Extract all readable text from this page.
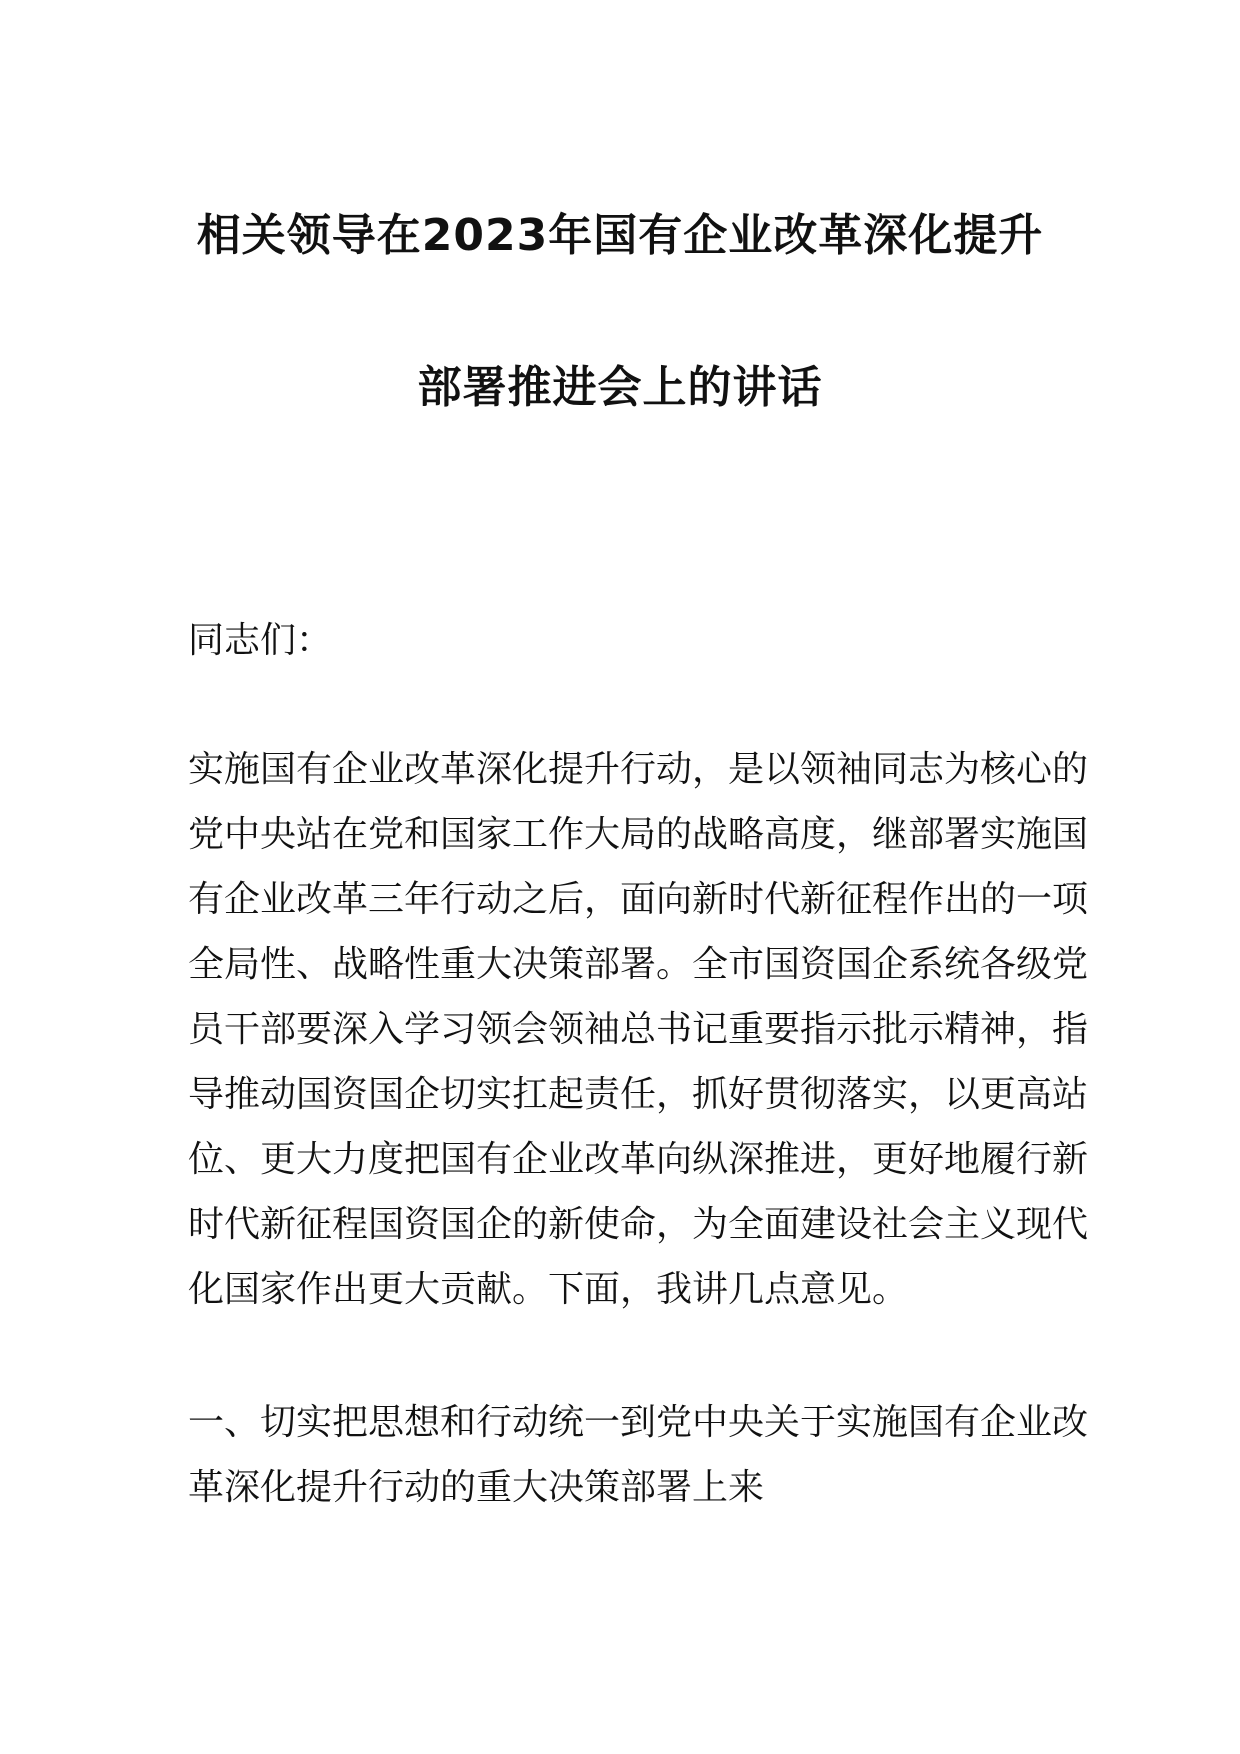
相关领导在2023年国有企业改革深化提升
部署推进会上的讲话

同志们：

实施国有企业改革深化提升行动，是以领袖同志为核心的
党中央站在党和国家工作大局的战略高度，继部署实施国
有企业改革三年行动之后，面向新时代新征程作出的一项
全局性、战略性重大决策部署。全市国资国企系统各级党
员干部要深入学习领会领袖总书记重要指示批示精神，指
导推动国资国企切实扛起责任，抓好贯彻落实，以更高站
位、更大力度把国有企业改革向纵深推进，更好地履行新
时代新征程国资国企的新使命，为全面建设社会主义现代
化国家作出更大贡献。下面，我讲几点意见。
一、切实把思想和行动统一到党中央关于实施国有企业改
革深化提升行动的重大决策部署上来
